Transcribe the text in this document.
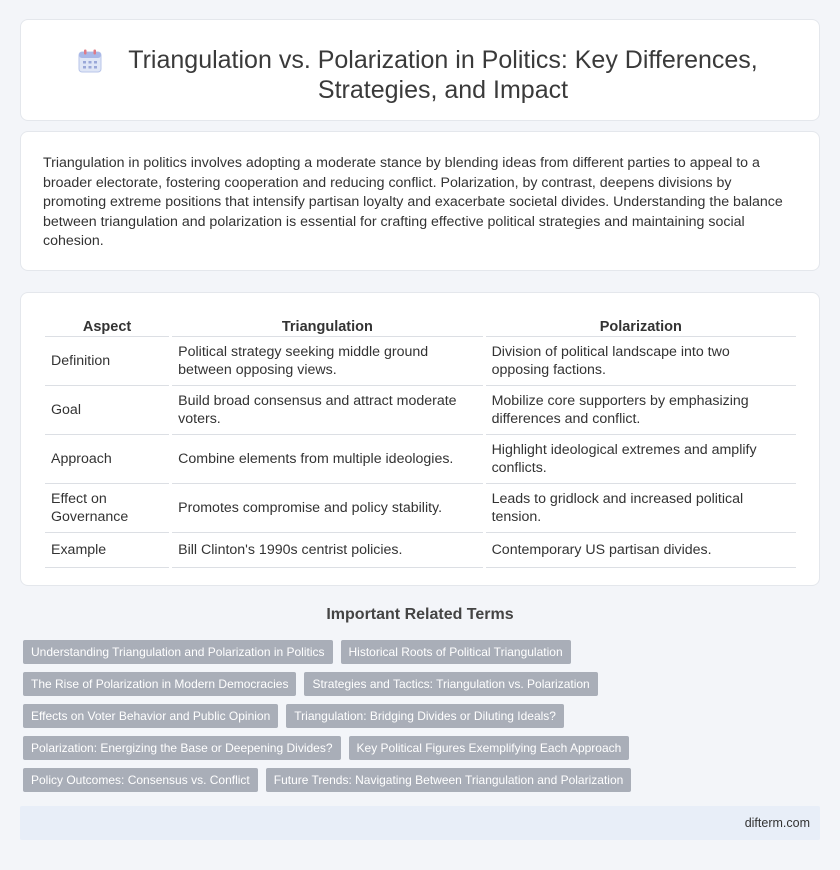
Triangulation vs. Polarization in Politics: Key Differences, Strategies, and Impact

Triangulation in politics involves adopting a moderate stance by blending ideas from different parties to appeal to a broader electorate, fostering cooperation and reducing conflict. Polarization, by contrast, deepens divisions by promoting extreme positions that intensify partisan loyalty and exacerbate societal divides. Understanding the balance between triangulation and polarization is essential for crafting effective political strategies and maintaining social cohesion.

Aspect	Triangulation	Polarization
Definition	Political strategy seeking middle ground between opposing views.	Division of political landscape into two opposing factions.
Goal	Build broad consensus and attract moderate voters.	Mobilize core supporters by emphasizing differences and conflict.
Approach	Combine elements from multiple ideologies.	Highlight ideological extremes and amplify conflicts.
Effect on Governance	Promotes compromise and policy stability.	Leads to gridlock and increased political tension.
Example	Bill Clinton's 1990s centrist policies.	Contemporary US partisan divides.
Important Related Terms
Understanding Triangulation and Polarization in Politics	Historical Roots of Political Triangulation
The Rise of Polarization in Modern Democracies	Strategies and Tactics: Triangulation vs. Polarization
Effects on Voter Behavior and Public Opinion	Triangulation: Bridging Divides or Diluting Ideals?
Polarization: Energizing the Base or Deepening Divides?	Key Political Figures Exemplifying Each Approach
Policy Outcomes: Consensus vs. Conflict	Future Trends: Navigating Between Triangulation and Polarization
difterm.com
